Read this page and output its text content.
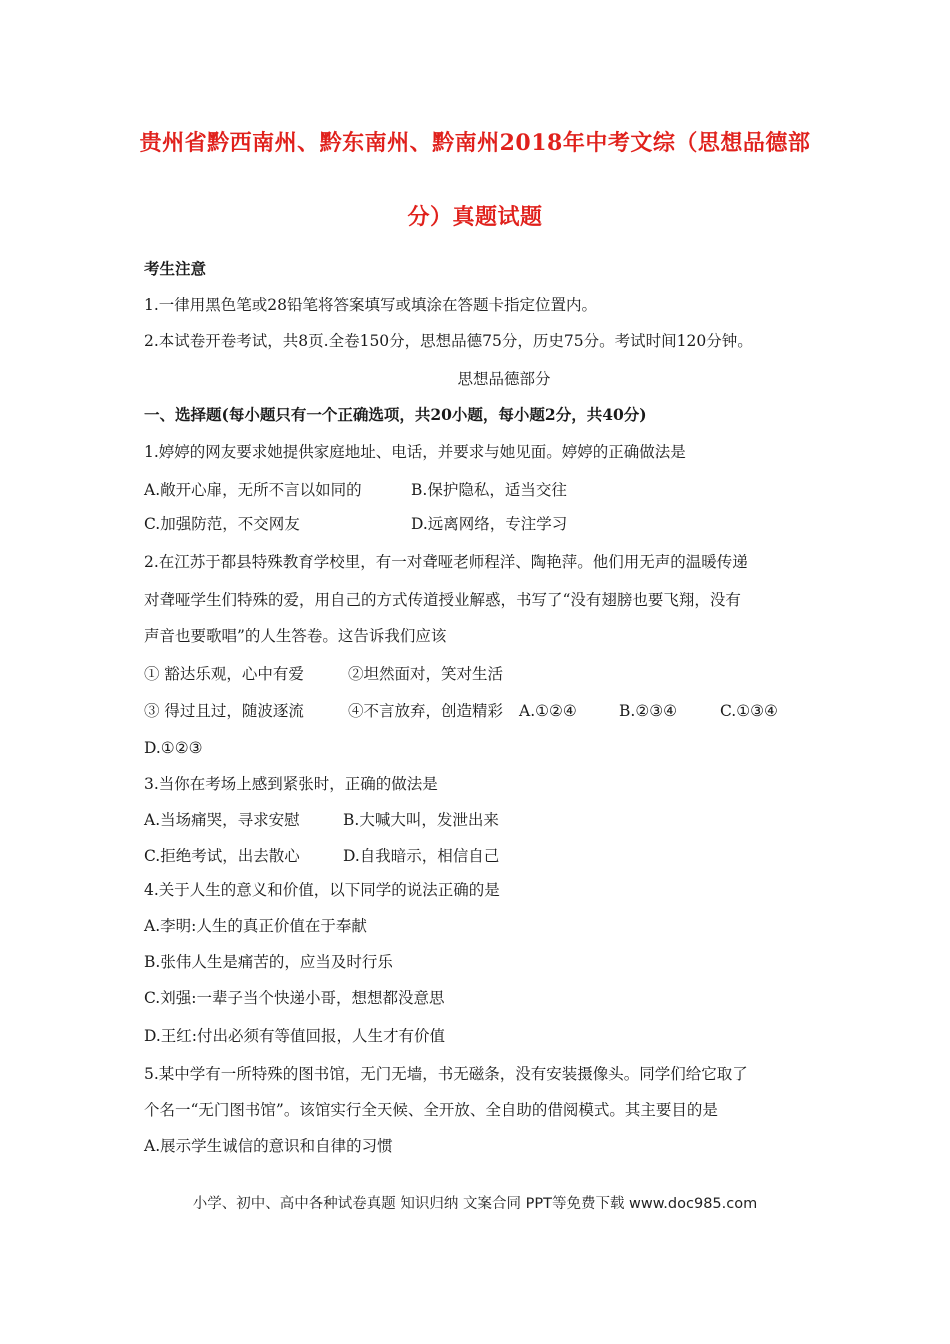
贵州省黔西南州、黔东南州、黔南州2018年中考文综（思想品德部
分）真题试题
考生注意
1.一律用黑色笔或28铅笔将答案填写或填涂在答题卡指定位置内。
2.本试卷开卷考试，共8页.全卷150分，思想品德75分，历史75分。考试时间120分钟。
思想品德部分
一、选择题(每小题只有一个正确选项，共20小题，每小题2分，共40分)
1.婷婷的网友要求她提供家庭地址、电话，并要求与她见面。婷婷的正确做法是
A.敞开心扉，无所不言以如同的	B.保护隐私，适当交往
C.加强防范，不交网友	D.远离网络，专注学习
2.在江苏于都县特殊教育学校里，有一对聋哑老师程洋、陶艳萍。他们用无声的温暖传递
对聋哑学生们特殊的爱，用自己的方式传道授业解惑，书写了“没有翅膀也要飞翔，没有
声音也要歌唱”的人生答卷。这告诉我们应该
① 豁达乐观，心中有爱	②坦然面对，笑对生活
③ 得过且过，随波逐流	④不言放弃，创造精彩 A.①②④	B.②③④	C.①③④
D.①②③
3.当你在考场上感到紧张时，正确的做法是
A.当场痛哭，寻求安慰	B.大喊大叫，发泄出来
C.拒绝考试，出去散心	D.自我暗示，相信自己
4.关于人生的意义和价值，以下同学的说法正确的是
A.李明:人生的真正价值在于奉献
B.张伟人生是痛苦的，应当及时行乐
C.刘强:一辈子当个快递小哥，想想都没意思
D.王红:付出必须有等值回报，人生才有价值
5.某中学有一所特殊的图书馆，无门无墙，书无磁条，没有安装摄像头。同学们给它取了
个名一“无门图书馆”。该馆实行全天候、全开放、全自助的借阅模式。其主要目的是
A.展示学生诚信的意识和自律的习惯
小学、初中、高中各种试卷真题 知识归纳 文案合同 PPT等免费下载 www.doc985.com
